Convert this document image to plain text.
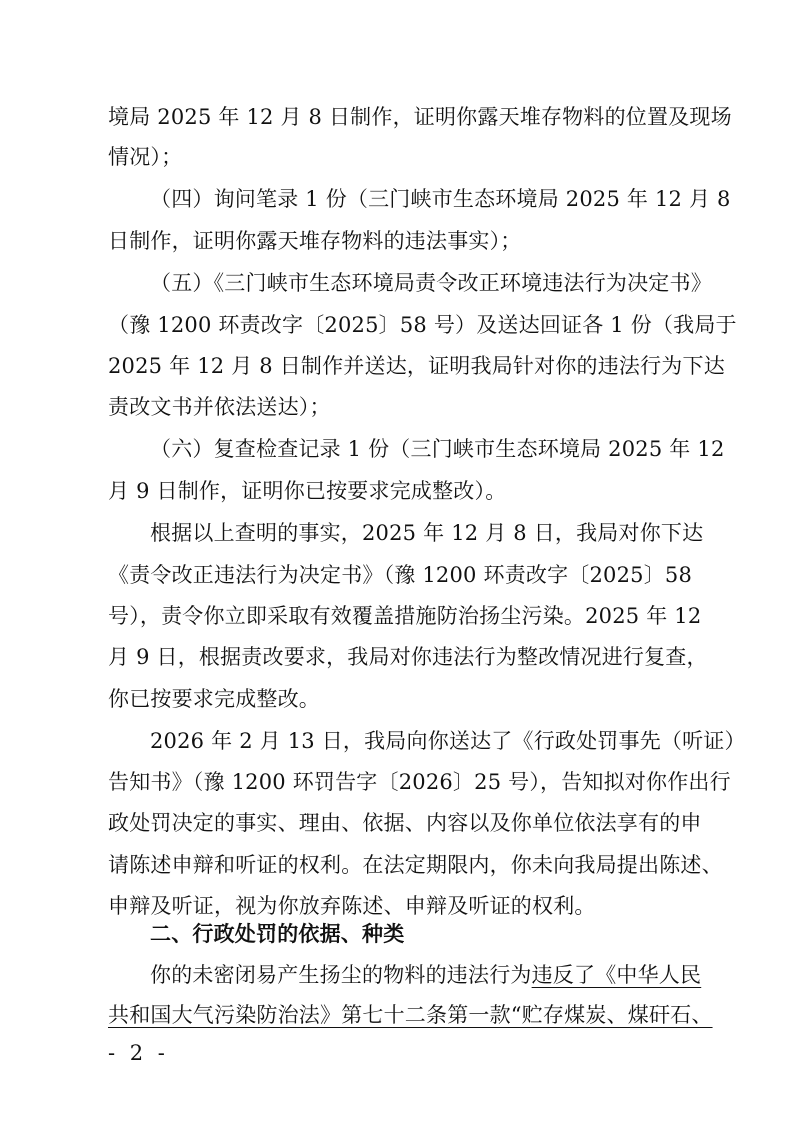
境局 2025 年 12 月 8 日制作，证明你露天堆存物料的位置及现场
情况）；
（四）询问笔录 1 份（三门峡市生态环境局 2025 年 12 月 8
日制作，证明你露天堆存物料的违法事实）；
（五）《三门峡市生态环境局责令改正环境违法行为决定书》
（豫 1200 环责改字〔2025〕58 号）及送达回证各 1 份（我局于
2025 年 12 月 8 日制作并送达，证明我局针对你的违法行为下达
责改文书并依法送达）；
（六）复查检查记录 1 份（三门峡市生态环境局 2025 年 12
月 9 日制作，证明你已按要求完成整改）。
根据以上查明的事实，2025 年 12 月 8 日，我局对你下达
《责令改正违法行为决定书》（豫 1200 环责改字〔2025〕58
号），责令你立即采取有效覆盖措施防治扬尘污染。2025 年 12
月 9 日，根据责改要求，我局对你违法行为整改情况进行复查，
你已按要求完成整改。
2026 年 2 月 13 日，我局向你送达了《行政处罚事先（听证）
告知书》（豫 1200 环罚告字〔2026〕25 号），告知拟对你作出行
政处罚决定的事实、理由、依据、内容以及你单位依法享有的申
请陈述申辩和听证的权利。在法定期限内，你未向我局提出陈述、
申辩及听证，视为你放弃陈述、申辩及听证的权利。
二、行政处罚的依据、种类
你的未密闭易产生扬尘的物料的违法行为违反了《中华人民
共和国大气污染防治法》第七十二条第一款“贮存煤炭、煤矸石、
- 2 -
